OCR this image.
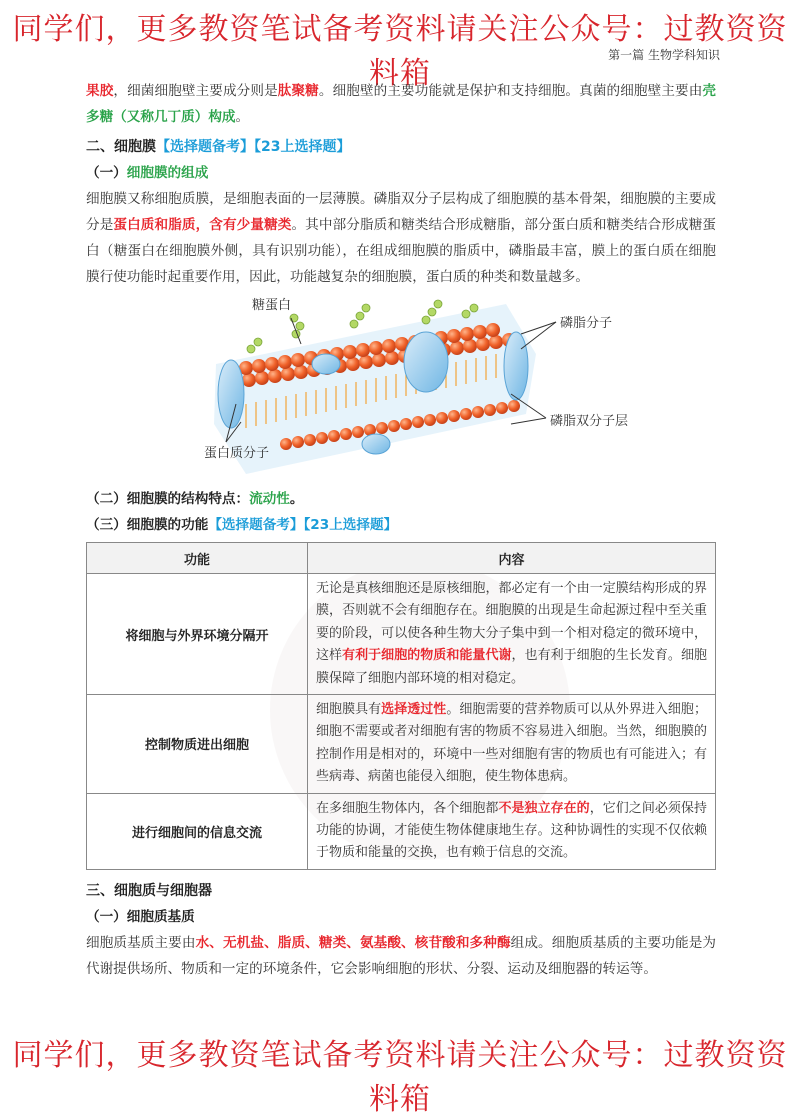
同学们，更多教资笔试备考资料请关注公众号：过教资资料箱
第一篇 生物学科知识

果胶，细菌细胞壁主要成分则是肽聚糖。细胞壁的主要功能就是保护和支持细胞。真菌的细胞壁主要由壳多糖（又称几丁质）构成。

二、细胞膜【选择题备考】【23上选择题】
（一）细胞膜的组成

细胞膜又称细胞质膜，是细胞表面的一层薄膜。磷脂双分子层构成了细胞膜的基本骨架，细胞膜的主要成分是蛋白质和脂质，含有少量糖类。其中部分脂质和糖类结合形成糖脂，部分蛋白质和糖类结合形成糖蛋白（糖蛋白在细胞膜外侧，具有识别功能），在组成细胞膜的脂质中，磷脂最丰富，膜上的蛋白质在细胞膜行使功能时起重要作用，因此，功能越复杂的细胞膜，蛋白质的种类和数量越多。

糖蛋白
磷脂分子
磷脂双分子层
蛋白质分子
（二）细胞膜的结构特点：流动性。
（三）细胞膜的功能【选择题备考】【23上选择题】
功能	内容
将细胞与外界环境分隔开	无论是真核细胞还是原核细胞，都必定有一个由一定膜结构形成的界膜，否则就不会有细胞存在。细胞膜的出现是生命起源过程中至关重要的阶段，可以使各种生物大分子集中到一个相对稳定的微环境中，这样有利于细胞的物质和能量代谢，也有利于细胞的生长发育。细胞膜保障了细胞内部环境的相对稳定。
控制物质进出细胞	细胞膜具有选择透过性。细胞需要的营养物质可以从外界进入细胞；细胞不需要或者对细胞有害的物质不容易进入细胞。当然，细胞膜的控制作用是相对的，环境中一些对细胞有害的物质也有可能进入；有些病毒、病菌也能侵入细胞，使生物体患病。
进行细胞间的信息交流	在多细胞生物体内，各个细胞都不是独立存在的，它们之间必须保持功能的协调，才能使生物体健康地生存。这种协调性的实现不仅依赖于物质和能量的交换，也有赖于信息的交流。
三、细胞质与细胞器
（一）细胞质基质

细胞质基质主要由水、无机盐、脂质、糖类、氨基酸、核苷酸和多种酶组成。细胞质基质的主要功能是为代谢提供场所、物质和一定的环境条件，它会影响细胞的形状、分裂、运动及细胞器的转运等。

同学们，更多教资笔试备考资料请关注公众号：过教资资料箱
